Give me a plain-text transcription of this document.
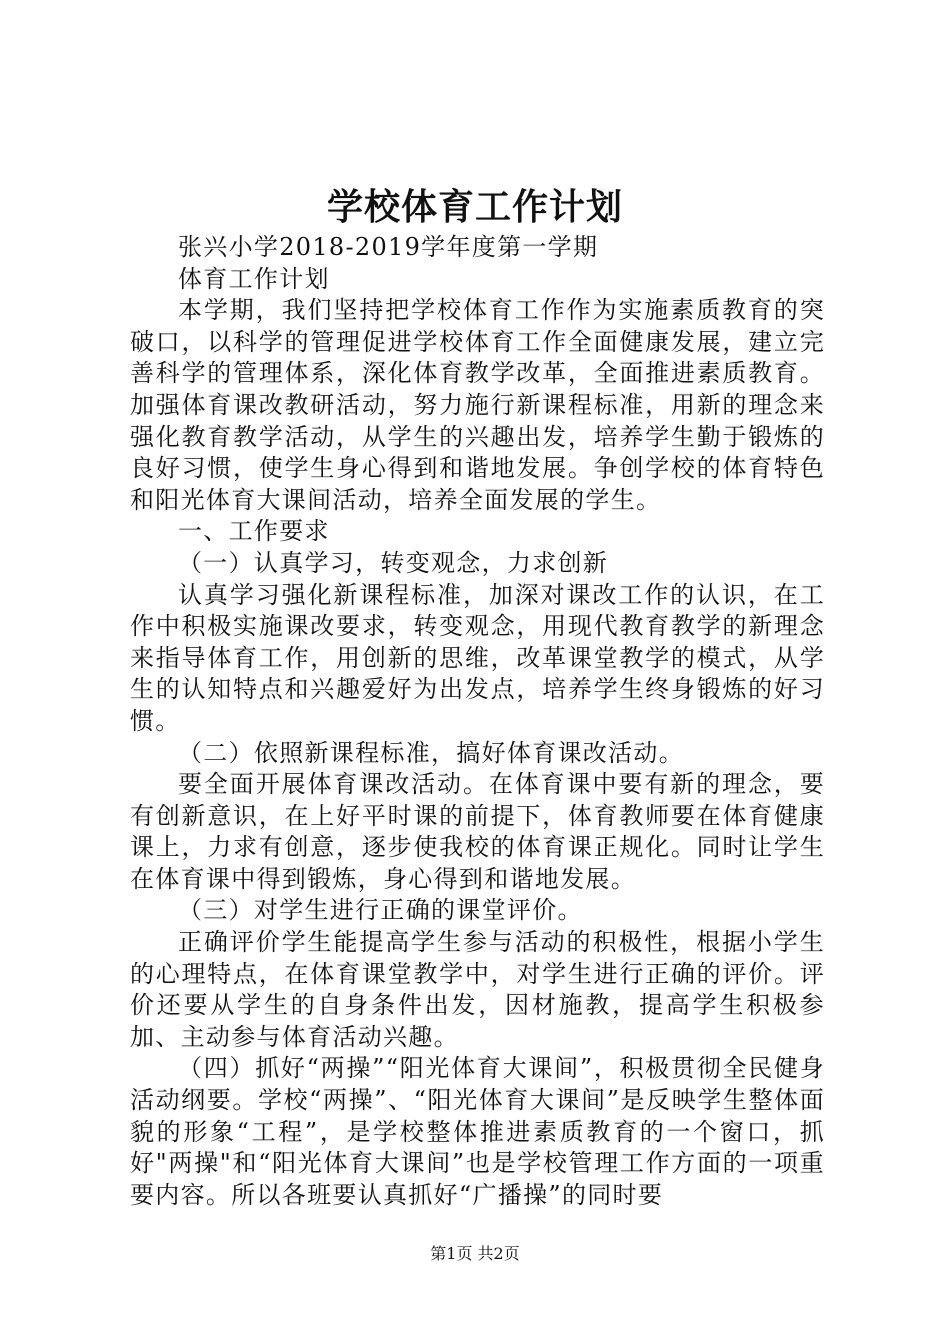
学校体育工作计划

张兴小学2018-2019学年度第一学期

体育工作计划

本学期，我们坚持把学校体育工作作为实施素质教育的突破口，以科学的管理促进学校体育工作全面健康发展，建立完善科学的管理体系，深化体育教学改革，全面推进素质教育。加强体育课改教研活动，努力施行新课程标准，用新的理念来强化教育教学活动，从学生的兴趣出发，培养学生勤于锻炼的良好习惯，使学生身心得到和谐地发展。争创学校的体育特色和阳光体育大课间活动，培养全面发展的学生。

一、工作要求

（一）认真学习，转变观念，力求创新

认真学习强化新课程标准，加深对课改工作的认识，在工作中积极实施课改要求，转变观念，用现代教育教学的新理念来指导体育工作，用创新的思维，改革课堂教学的模式，从学生的认知特点和兴趣爱好为出发点，培养学生终身锻炼的好习惯。

（二）依照新课程标准，搞好体育课改活动。

要全面开展体育课改活动。在体育课中要有新的理念，要有创新意识，在上好平时课的前提下，体育教师要在体育健康课上，力求有创意，逐步使我校的体育课正规化。同时让学生在体育课中得到锻炼，身心得到和谐地发展。

（三）对学生进行正确的课堂评价。

正确评价学生能提高学生参与活动的积极性，根据小学生的心理特点，在体育课堂教学中，对学生进行正确的评价。评价还要从学生的自身条件出发，因材施教，提高学生积极参加、主动参与体育活动兴趣。

（四）抓好“两操”“阳光体育大课间”，积极贯彻全民健身活动纲要。学校“两操”、“阳光体育大课间”是反映学生整体面貌的形象“工程”，是学校整体推进素质教育的一个窗口，抓好"两操"和“阳光体育大课间”也是学校管理工作方面的一项重要内容。所以各班要认真抓好“广播操”的同时要

第1页 共2页
